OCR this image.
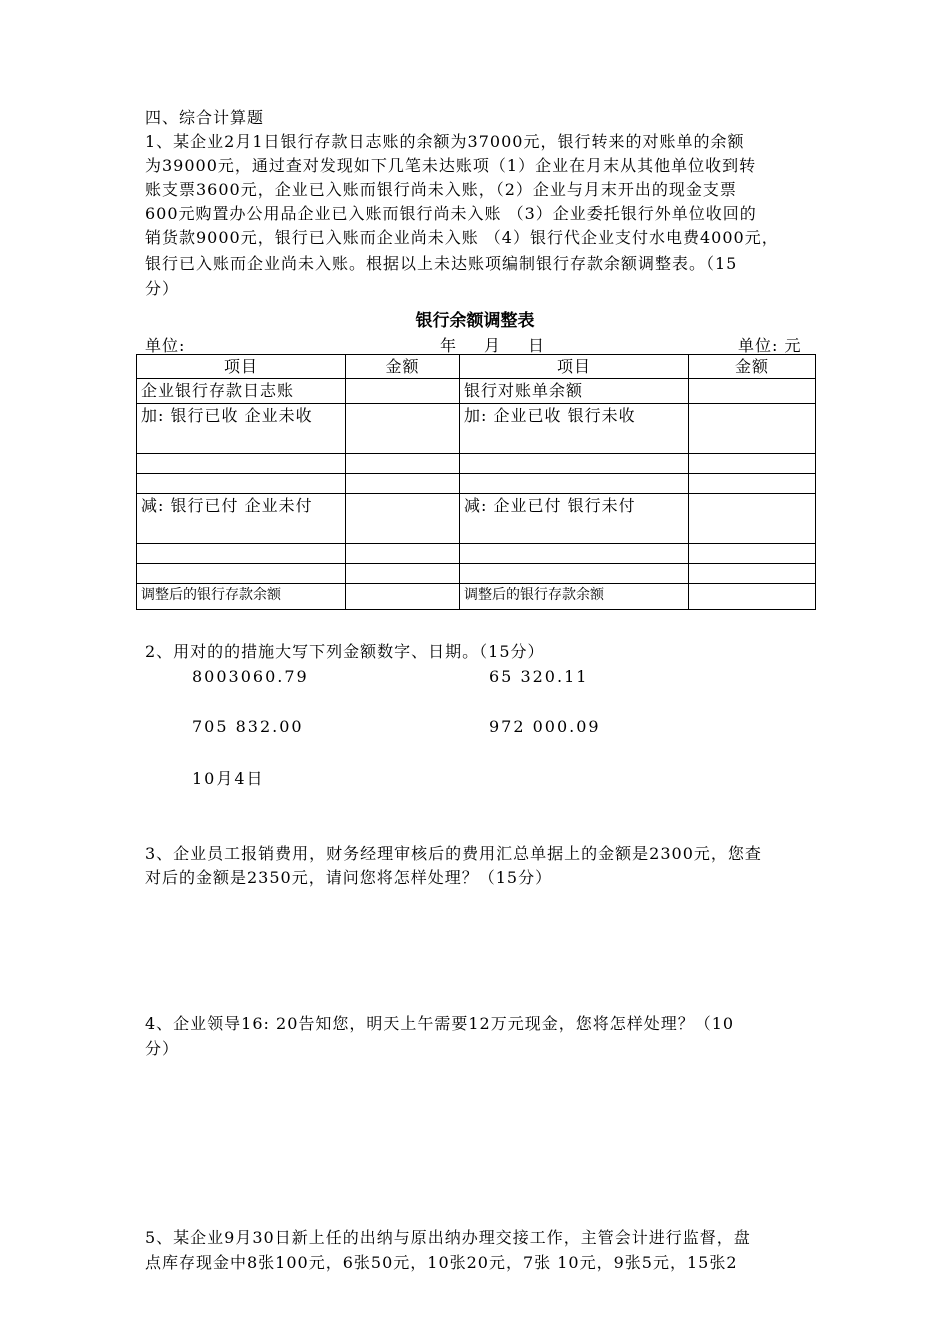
四、综合计算题
1、某企业2月1日银行存款日志账的余额为37000元，银行转来的对账单的余额
为39000元，通过查对发现如下几笔未达账项（1）企业在月末从其他单位收到转
账支票3600元，企业已入账而银行尚未入账，（2）企业与月末开出的现金支票
600元购置办公用品企业已入账而银行尚未入账 （3）企业委托银行外单位收回的
销货款9000元，银行已入账而企业尚未入账 （4）银行代企业支付水电费4000元，
银行已入账而企业尚未入账。根据以上未达账项编制银行存款余额调整表。（15
分）
银行余额调整表
单位:	年　月　日	单位: 元
项目	金额	项目	金额
企业银行存款日志账		银行对账单余额	
加: 银行已收 企业未收		加: 企业已收 银行未收	

减: 银行已付 企业未付		减: 企业已付 银行未付	

调整后的银行存款余额		调整后的银行存款余额	
2、用对的的措施大写下列金额数字、日期。（15分）
8003060.79	65 320.11
705 832.00	972 000.09
10月4日
3、企业员工报销费用，财务经理审核后的费用汇总单据上的金额是2300元，您查
对后的金额是2350元，请问您将怎样处理？（15分）
4、企业领导16: 20告知您，明天上午需要12万元现金，您将怎样处理？（10
分）
5、某企业9月30日新上任的出纳与原出纳办理交接工作，主管会计进行监督，盘
点库存现金中8张100元，6张50元，10张20元，7张 10元，9张5元，15张2
